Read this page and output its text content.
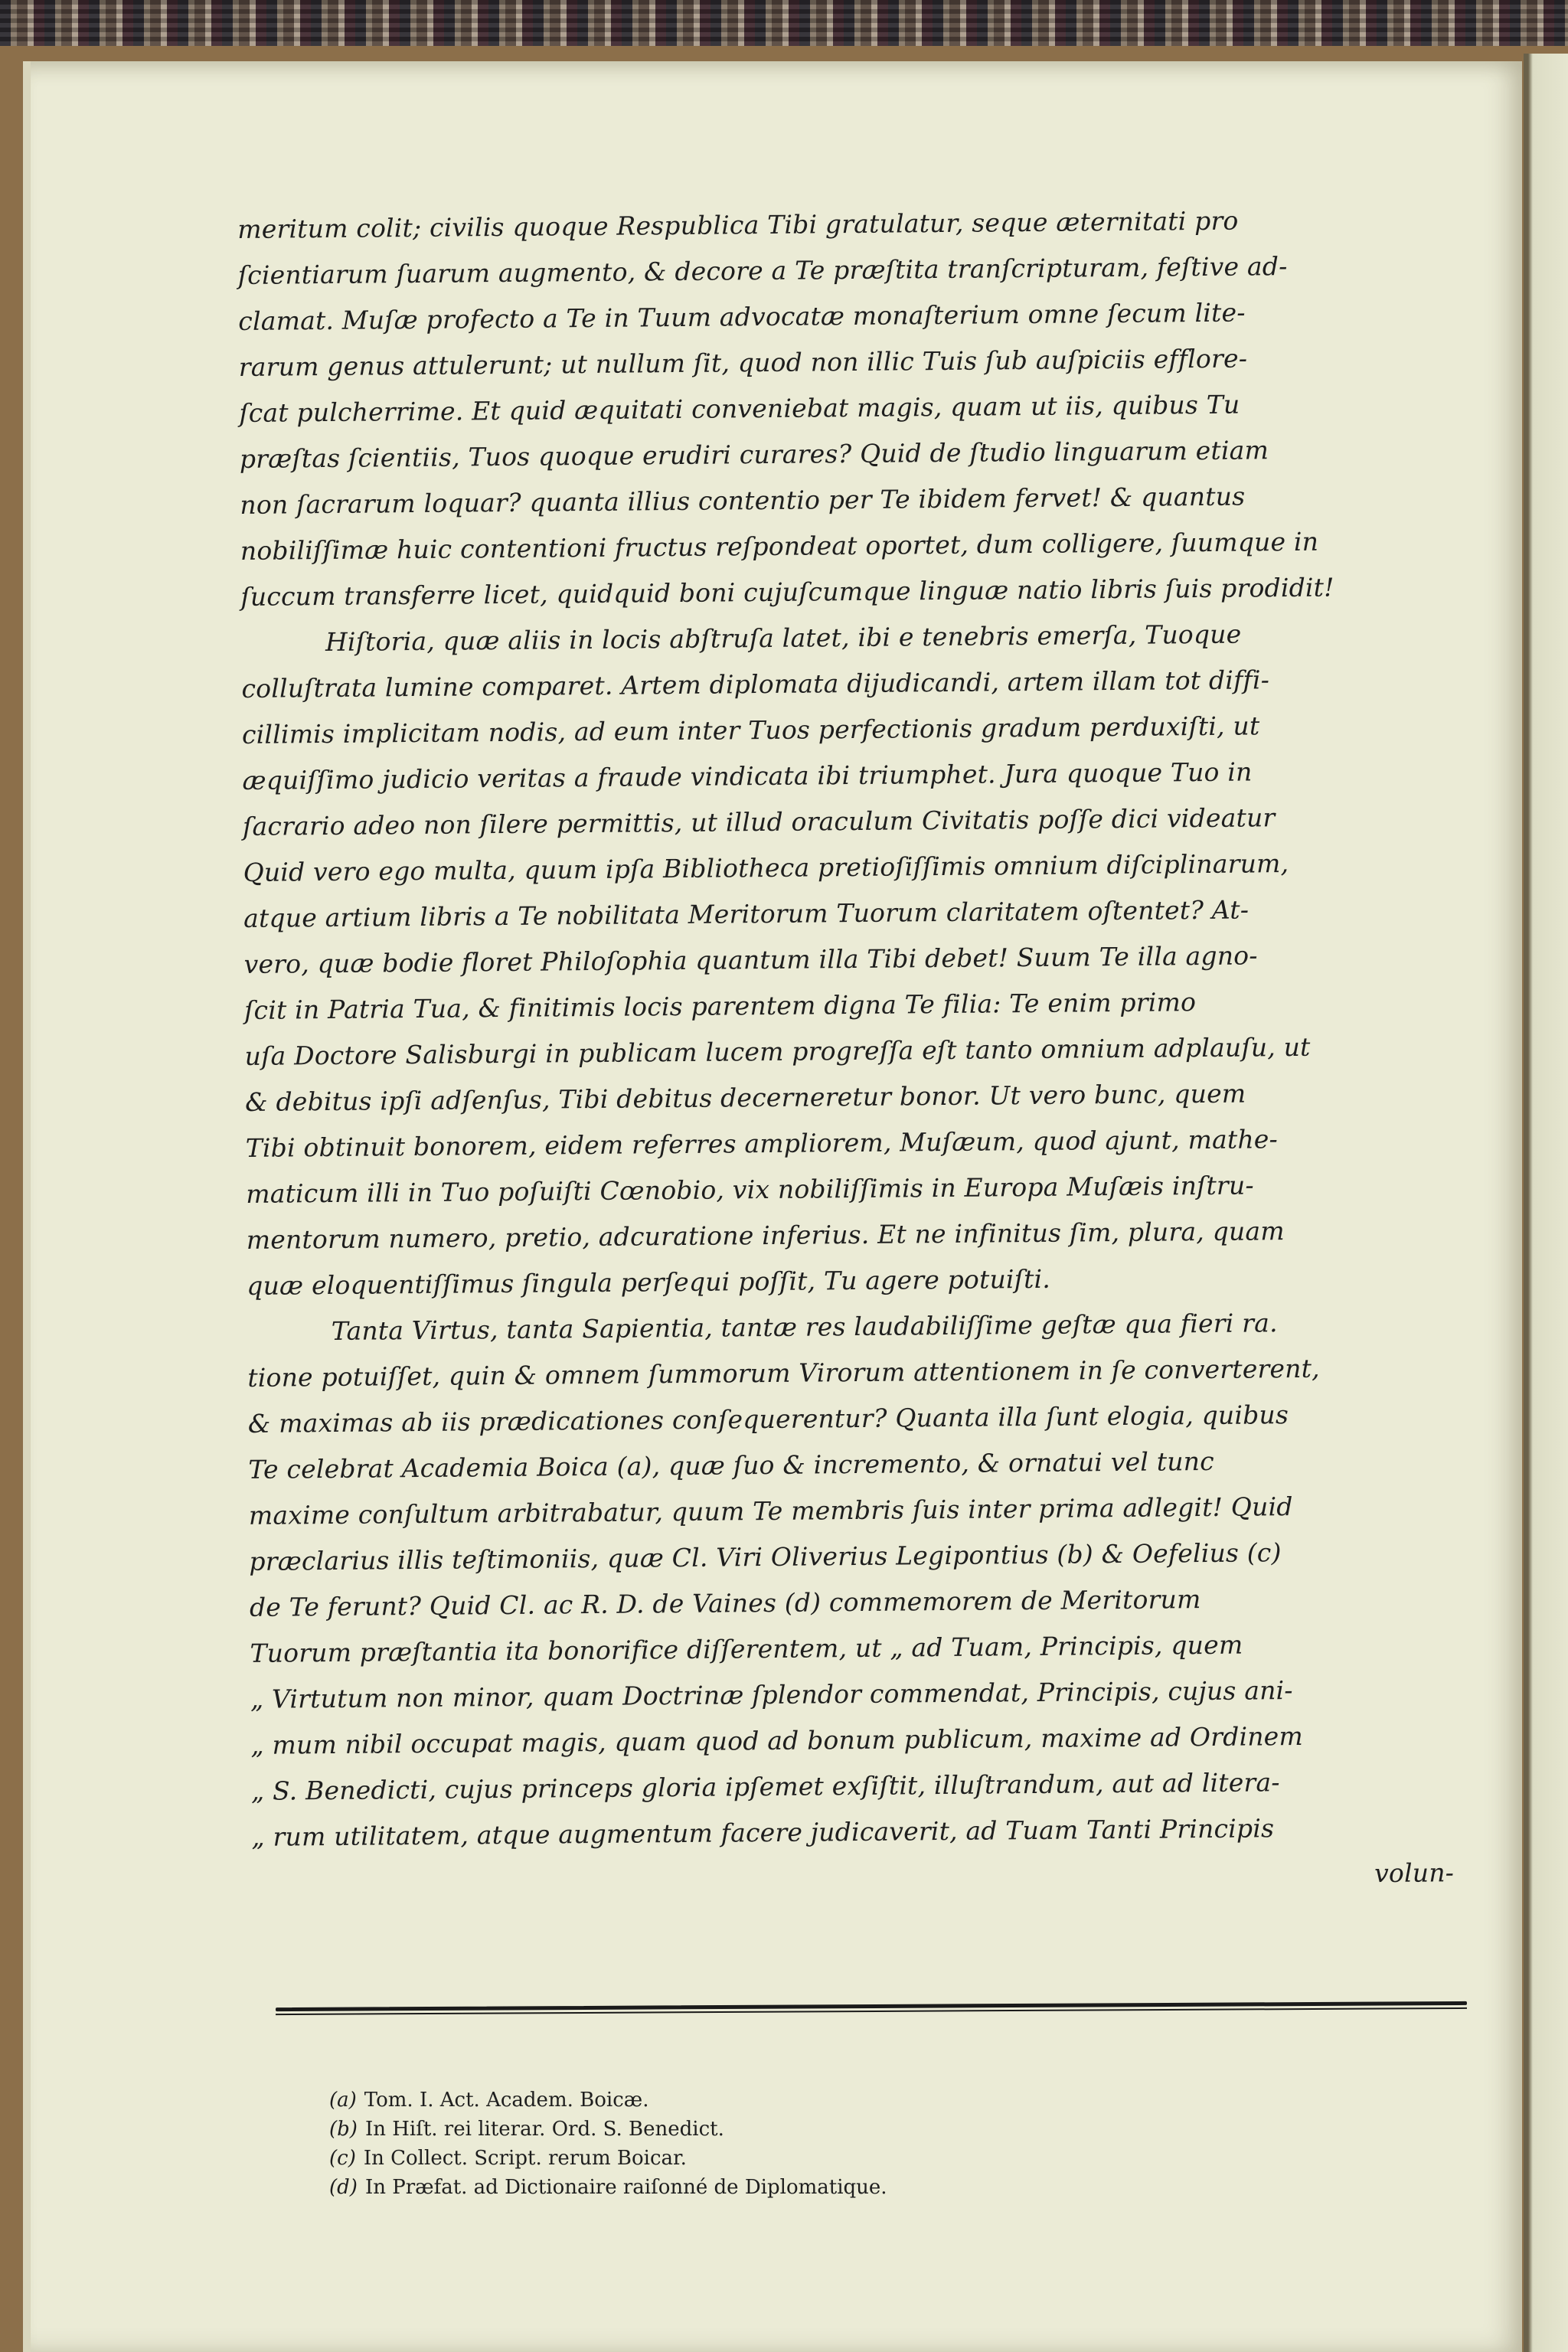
meritum colit; civilis quoque Respublica Tibi gratulatur, seque æternitati pro
ſcientiarum ſuarum augmento, & decore a Te præſtita tranſcripturam, feſtive ad-
clamat. Muſæ profecto a Te in Tuum advocatæ monaſterium omne ſecum lite-
rarum genus attulerunt; ut nullum ſit, quod non illic Tuis ſub auſpiciis efflore-
ſcat pulcherrime. Et quid æquitati conveniebat magis, quam ut iis, quibus Tu
præſtas ſcientiis, Tuos quoque erudiri curares? Quid de ſtudio linguarum etiam
non ſacrarum loquar? quanta illius contentio per Te ibidem fervet! & quantus
nobiliſſimæ huic contentioni fructus reſpondeat oportet, dum colligere, ſuumque in
ſuccum transferre licet, quidquid boni cujuſcumque linguæ natio libris ſuis prodidit!
Hiſtoria, quæ aliis in locis abſtruſa latet, ibi e tenebris emerſa, Tuoque
colluſtrata lumine comparet. Artem diplomata dijudicandi, artem illam tot diffi-
cillimis implicitam nodis, ad eum inter Tuos perfectionis gradum perduxiſti, ut
æquiſſimo judicio veritas a fraude vindicata ibi triumphet. Jura quoque Tuo in
ſacrario adeo non ſilere permittis, ut illud oraculum Civitatis poſſe dici videatur
Quid vero ego multa, quum ipſa Bibliotheca pretioſiſſimis omnium diſciplinarum,
atque artium libris a Te nobilitata Meritorum Tuorum claritatem oſtentet? At-
vero, quæ bodie floret Philoſophia quantum illa Tibi debet! Suum Te illa agno-
ſcit in Patria Tua, & finitimis locis parentem digna Te filia: Te enim primo
uſa Doctore Salisburgi in publicam lucem progreſſa eſt tanto omnium adplauſu, ut
& debitus ipſi adſenſus, Tibi debitus decerneretur bonor. Ut vero bunc, quem
Tibi obtinuit bonorem, eidem referres ampliorem, Muſæum, quod ajunt, mathe-
maticum illi in Tuo poſuiſti Cœnobio, vix nobiliſſimis in Europa Muſæis inſtru-
mentorum numero, pretio, adcuratione inferius. Et ne infinitus ſim, plura, quam
quæ eloquentiſſimus ſingula perſequi poſſit, Tu agere potuiſti.
Tanta Virtus, tanta Sapientia, tantæ res laudabiliſſime geſtæ qua fieri ra.
tione potuiſſet, quin & omnem ſummorum Virorum attentionem in ſe converterent,
& maximas ab iis prædicationes conſequerentur? Quanta illa ſunt elogia, quibus
Te celebrat Academia Boica (a), quæ ſuo & incremento, & ornatui vel tunc
maxime conſultum arbitrabatur, quum Te membris ſuis inter prima adlegit! Quid
præclarius illis teſtimoniis, quæ Cl. Viri Oliverius Legipontius (b) & Oefelius (c)
de Te ferunt? Quid Cl. ac R. D. de Vaines (d) commemorem de Meritorum
Tuorum præſtantia ita bonorifice diſſerentem, ut „ ad Tuam, Principis, quem
„ Virtutum non minor, quam Doctrinæ ſplendor commendat, Principis, cujus ani-
„ mum nibil occupat magis, quam quod ad bonum publicum, maxime ad Ordinem
„ S. Benedicti, cujus princeps gloria ipſemet exſiſtit, illuſtrandum, aut ad litera-
„ rum utilitatem, atque augmentum facere judicaverit, ad Tuam Tanti Principis
volun-
(a) Tom. I. Act. Academ. Boicæ.
(b) In Hiſt. rei literar. Ord. S. Benedict.
(c) In Collect. Script. rerum Boicar.
(d) In Præfat. ad Dictionaire raiſonné de Diplomatique.
